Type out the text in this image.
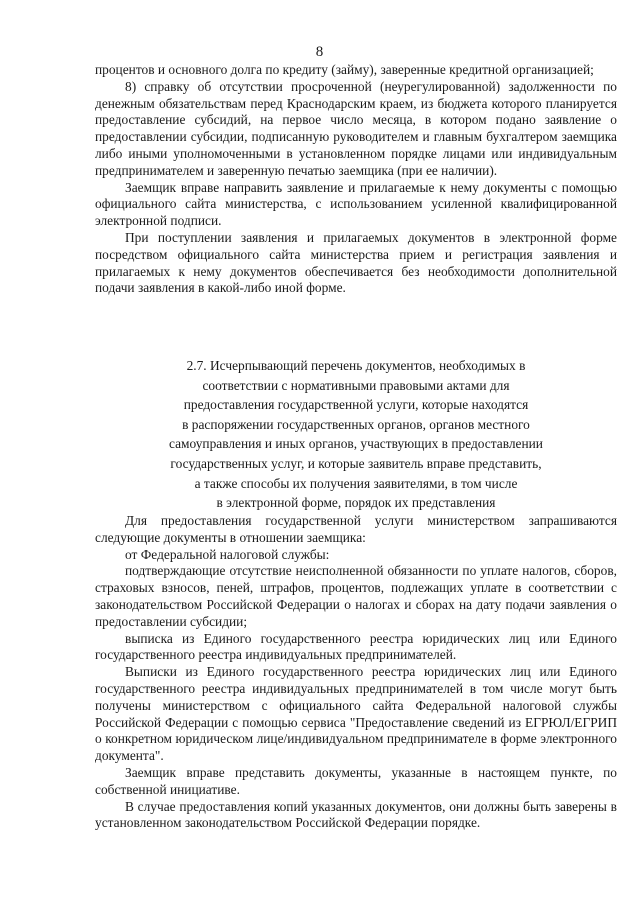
8

процентов и основного долга по кредиту (займу), заверенные кредитной организацией;

8) справку об отсутствии просроченной (неурегулированной) задолженности по денежным обязательствам перед Краснодарским краем, из бюджета которого планируется предоставление субсидий, на первое число месяца, в котором подано заявление о предоставлении субсидии, подписанную руководителем и главным бухгалтером заемщика либо иными уполномоченными в установленном порядке лицами или индивидуальным предпринимателем и заверенную печатью заемщика (при ее наличии).

Заемщик вправе направить заявление и прилагаемые к нему документы с помощью официального сайта министерства, с использованием усиленной квалифицированной электронной подписи.

При поступлении заявления и прилагаемых документов в электронной форме посредством официального сайта министерства прием и регистрация заявления и прилагаемых к нему документов обеспечивается без необходимости дополнительной подачи заявления в какой-либо иной форме.

2.7. Исчерпывающий перечень документов, необходимых в

соответствии с нормативными правовыми актами для

предоставления государственной услуги, которые находятся

в распоряжении государственных органов, органов местного

самоуправления и иных органов, участвующих в предоставлении

государственных услуг, и которые заявитель вправе представить,

а также способы их получения заявителями, в том числе

в электронной форме, порядок их представления

Для предоставления государственной услуги министерством запрашиваются следующие документы в отношении заемщика:

от Федеральной налоговой службы:

подтверждающие отсутствие неисполненной обязанности по уплате налогов, сборов, страховых взносов, пеней, штрафов, процентов, подлежащих уплате в соответствии с законодательством Российской Федерации о налогах и сборах на дату подачи заявления о предоставлении субсидии;

выписка из Единого государственного реестра юридических лиц или Единого государственного реестра индивидуальных предпринимателей.

Выписки из Единого государственного реестра юридических лиц или Единого государственного реестра индивидуальных предпринимателей в том числе могут быть получены министерством с официального сайта Федеральной налоговой службы Российской Федерации с помощью сервиса "Предоставление сведений из ЕГРЮЛ/ЕГРИП о конкретном юридическом лице/индивидуальном предпринимателе в форме электронного документа".

Заемщик вправе представить документы, указанные в настоящем пункте, по собственной инициативе.

В случае предоставления копий указанных документов, они должны быть заверены в установленном законодательством Российской Федерации порядке.
